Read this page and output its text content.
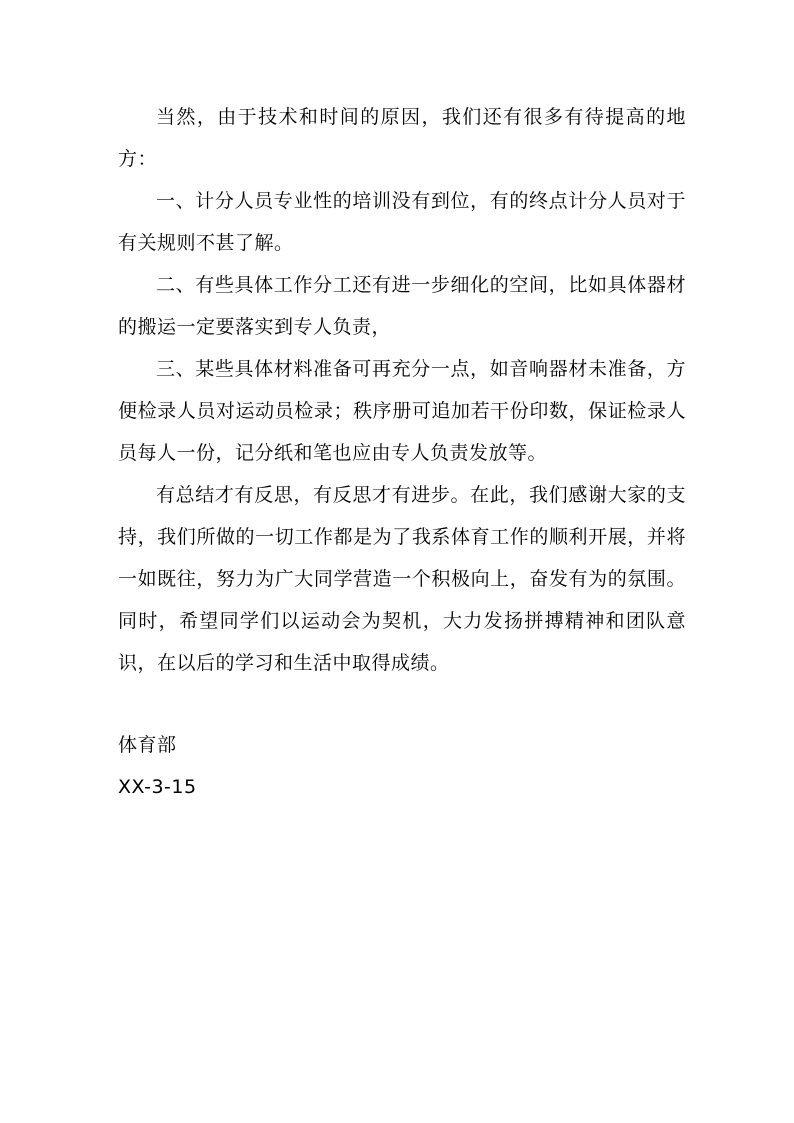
当然，由于技术和时间的原因，我们还有很多有待提高的地方：

一、计分人员专业性的培训没有到位，有的终点计分人员对于有关规则不甚了解。

二、有些具体工作分工还有进一步细化的空间，比如具体器材的搬运一定要落实到专人负责，

三、某些具体材料准备可再充分一点，如音响器材未准备，方便检录人员对运动员检录；秩序册可追加若干份印数，保证检录人员每人一份，记分纸和笔也应由专人负责发放等。

有总结才有反思，有反思才有进步。在此，我们感谢大家的支持，我们所做的一切工作都是为了我系体育工作的顺利开展，并将一如既往，努力为广大同学营造一个积极向上，奋发有为的氛围。同时，希望同学们以运动会为契机，大力发扬拼搏精神和团队意识，在以后的学习和生活中取得成绩。

体育部

XX-3-15
